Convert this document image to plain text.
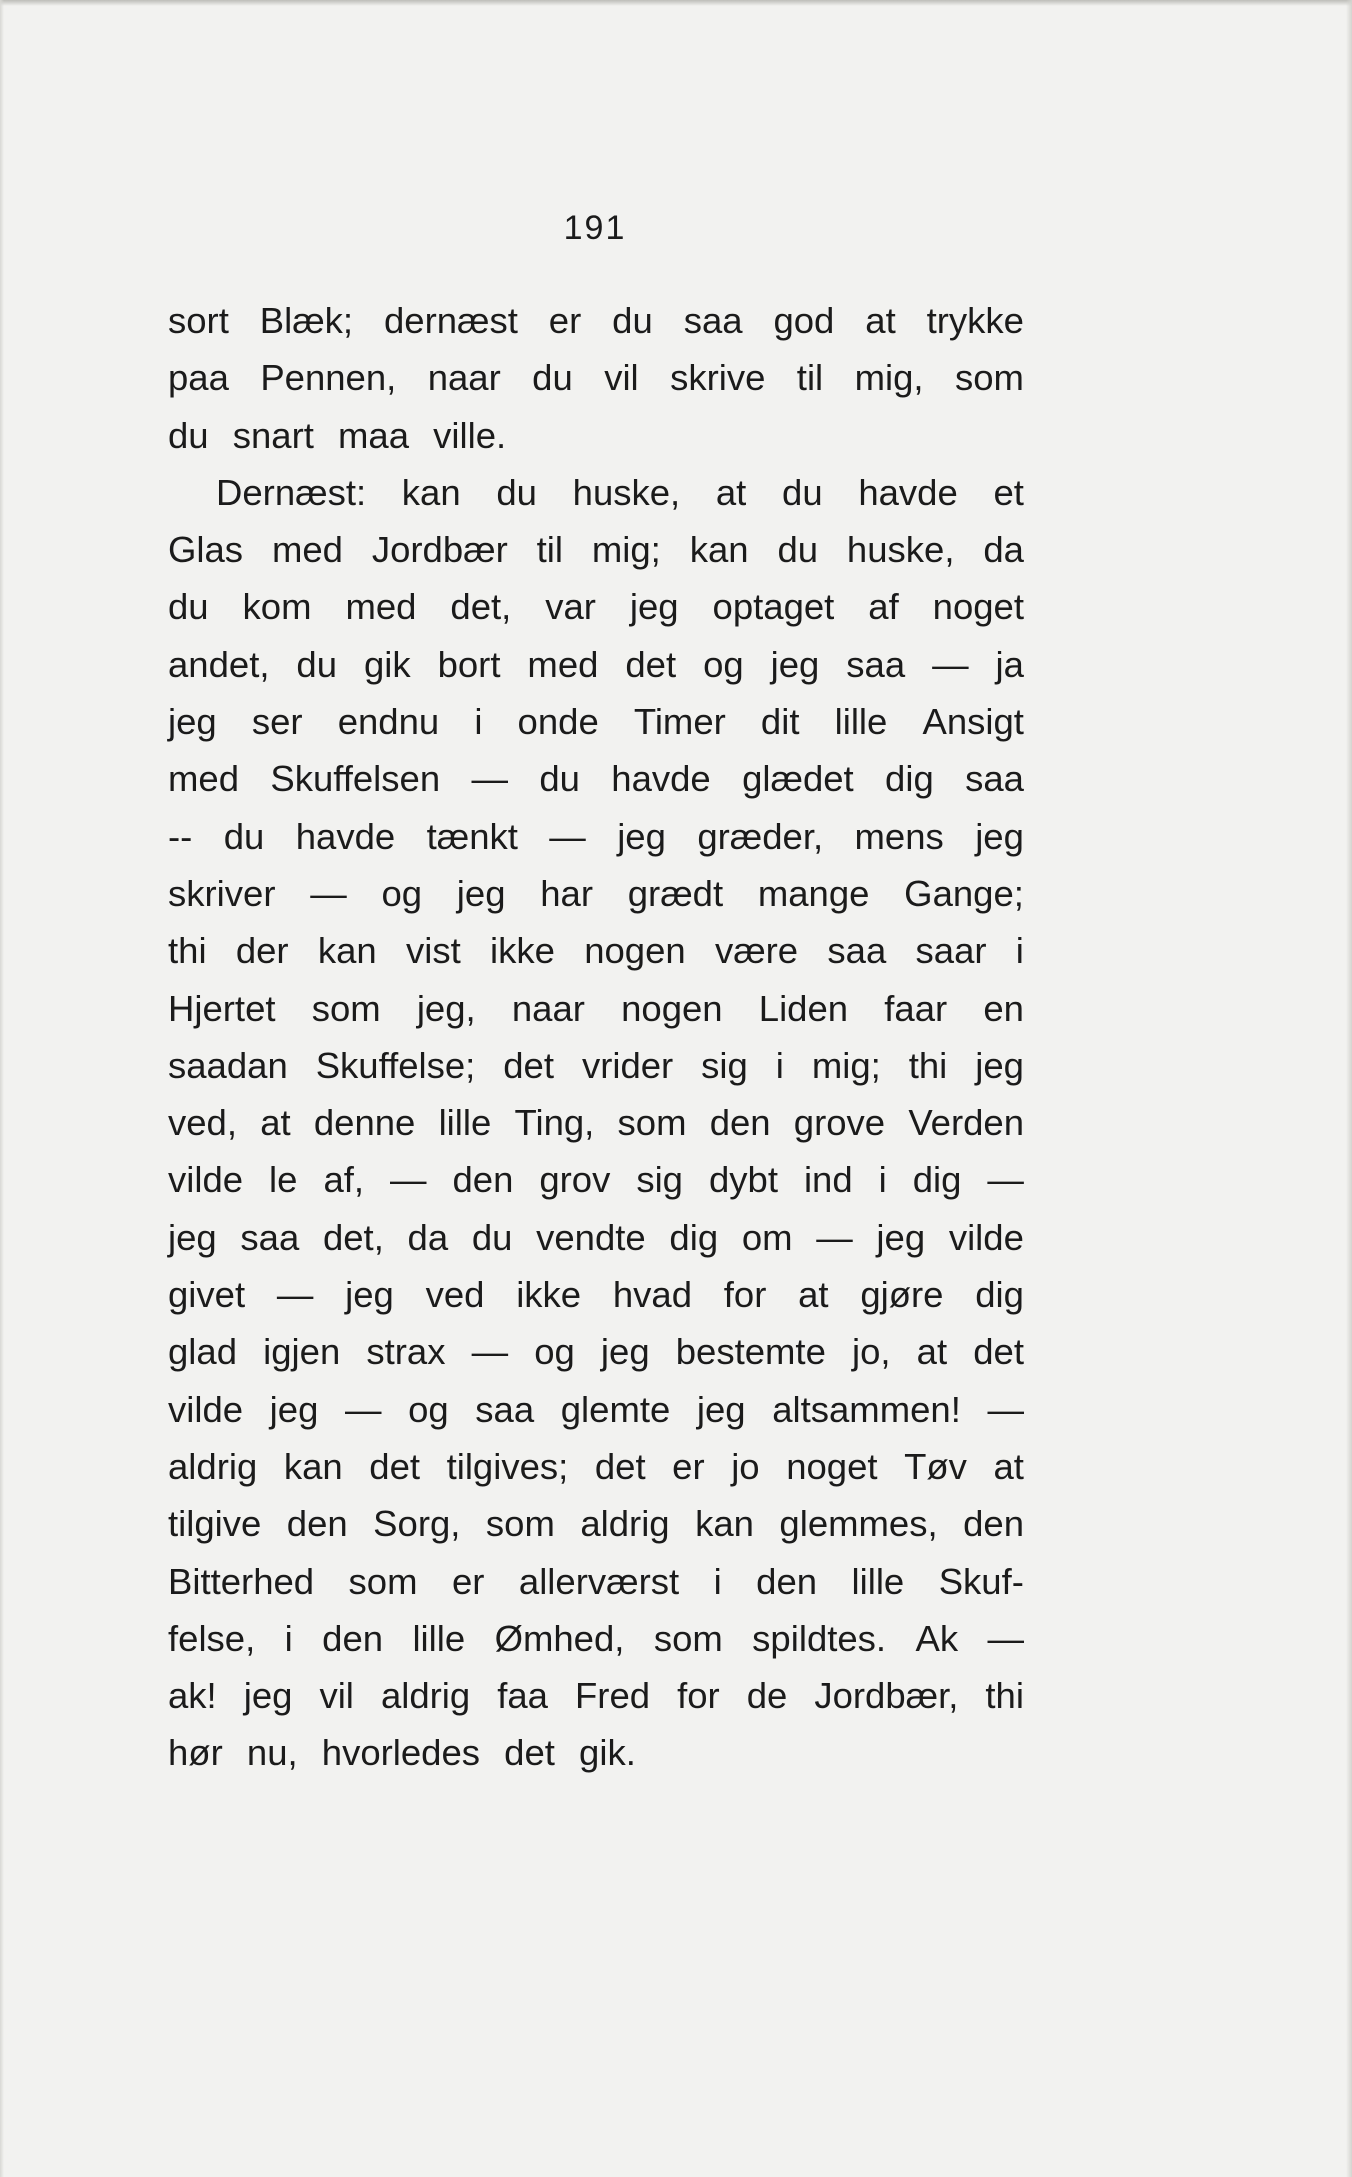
191
sort Blæk; dernæst er du saa god at trykke
paa Pennen, naar du vil skrive til mig, som
du snart maa ville.
Dernæst: kan du huske, at du havde et
Glas med Jordbær til mig; kan du huske, da
du kom med det, var jeg optaget af noget
andet, du gik bort med det og jeg saa — ja
jeg ser endnu i onde Timer dit lille Ansigt
med Skuffelsen — du havde glædet dig saa
-- du havde tænkt — jeg græder, mens jeg
skriver — og jeg har grædt mange Gange;
thi der kan vist ikke nogen være saa saar i
Hjertet som jeg, naar nogen Liden faar en
saadan Skuffelse; det vrider sig i mig; thi jeg
ved, at denne lille Ting, som den grove Verden
vilde le af, — den grov sig dybt ind i dig —
jeg saa det, da du vendte dig om — jeg vilde
givet — jeg ved ikke hvad for at gjøre dig
glad igjen strax — og jeg bestemte jo, at det
vilde jeg — og saa glemte jeg altsammen! —
aldrig kan det tilgives; det er jo noget Tøv at
tilgive den Sorg, som aldrig kan glemmes, den
Bitterhed som er allerværst i den lille Skuf-
felse, i den lille Ømhed, som spildtes. Ak —
ak! jeg vil aldrig faa Fred for de Jordbær, thi
hør nu, hvorledes det gik.
